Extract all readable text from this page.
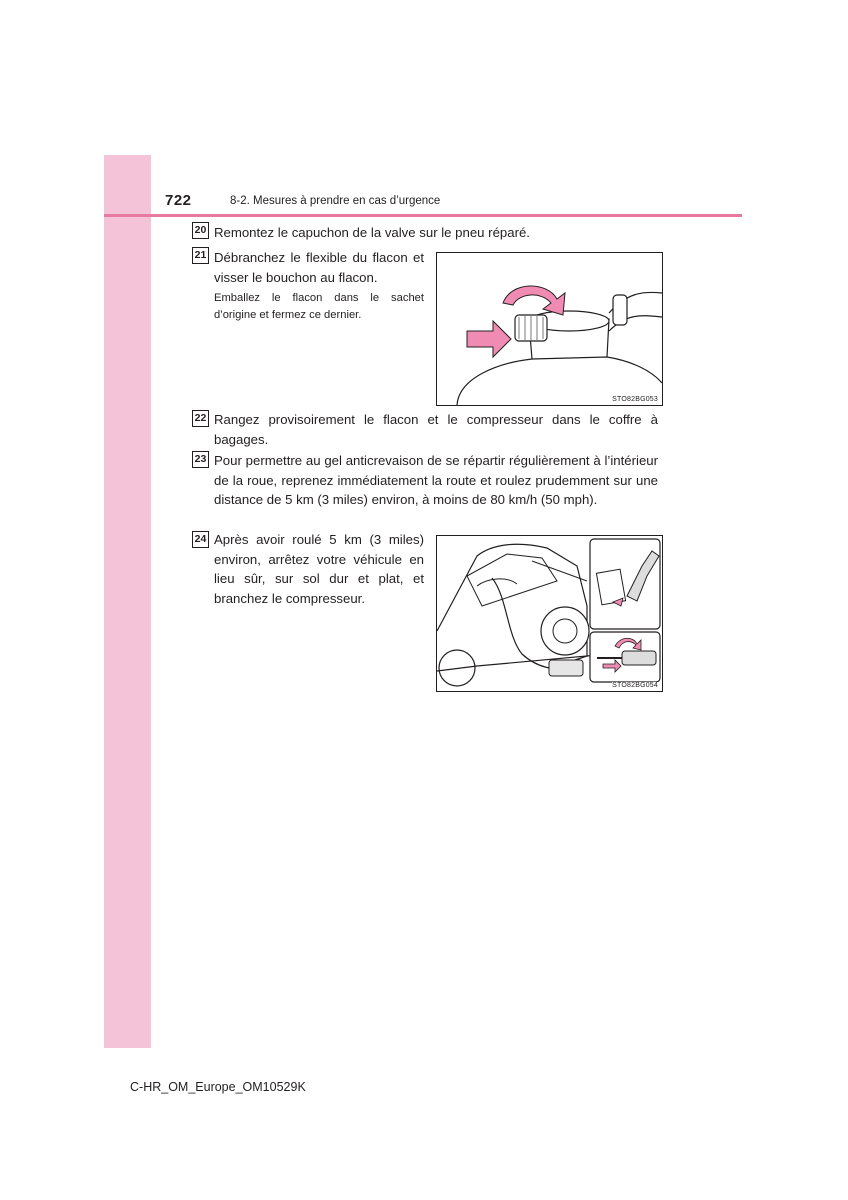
722	8-2. Mesures à prendre en cas d’urgence
20 Remontez le capuchon de la valve sur le pneu réparé.
21 Débranchez le flexible du flacon et visser le bouchon au flacon.
Emballez le flacon dans le sachet d’origine et fermez ce dernier.
STO82BG053
22 Rangez provisoirement le flacon et le compresseur dans le coffre à bagages.
23 Pour permettre au gel anticrevaison de se répartir régulièrement à l’intérieur de la roue, reprenez immédiatement la route et roulez prudemment sur une distance de 5 km (3 miles) environ, à moins de 80 km/h (50 mph).
24 Après avoir roulé 5 km (3 miles) environ, arrêtez votre véhicule en lieu sûr, sur sol dur et plat, et branchez le compresseur.
STO82BG054
C-HR_OM_Europe_OM10529K
